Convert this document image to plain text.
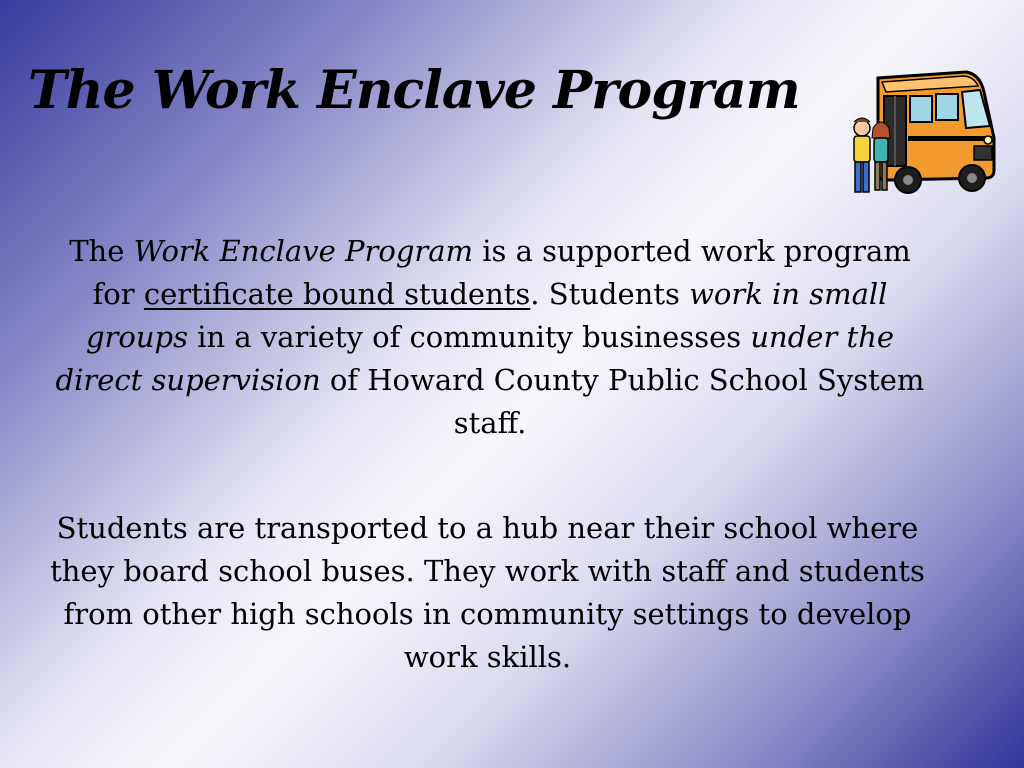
The Work Enclave Program

The Work Enclave Program is a supported work program for certificate bound students. Students work in small groups in a variety of community businesses under the direct supervision of Howard County Public School System staff.

Students are transported to a hub near their school where they board school buses. They work with staff and students from other high schools in community settings to develop work skills.
